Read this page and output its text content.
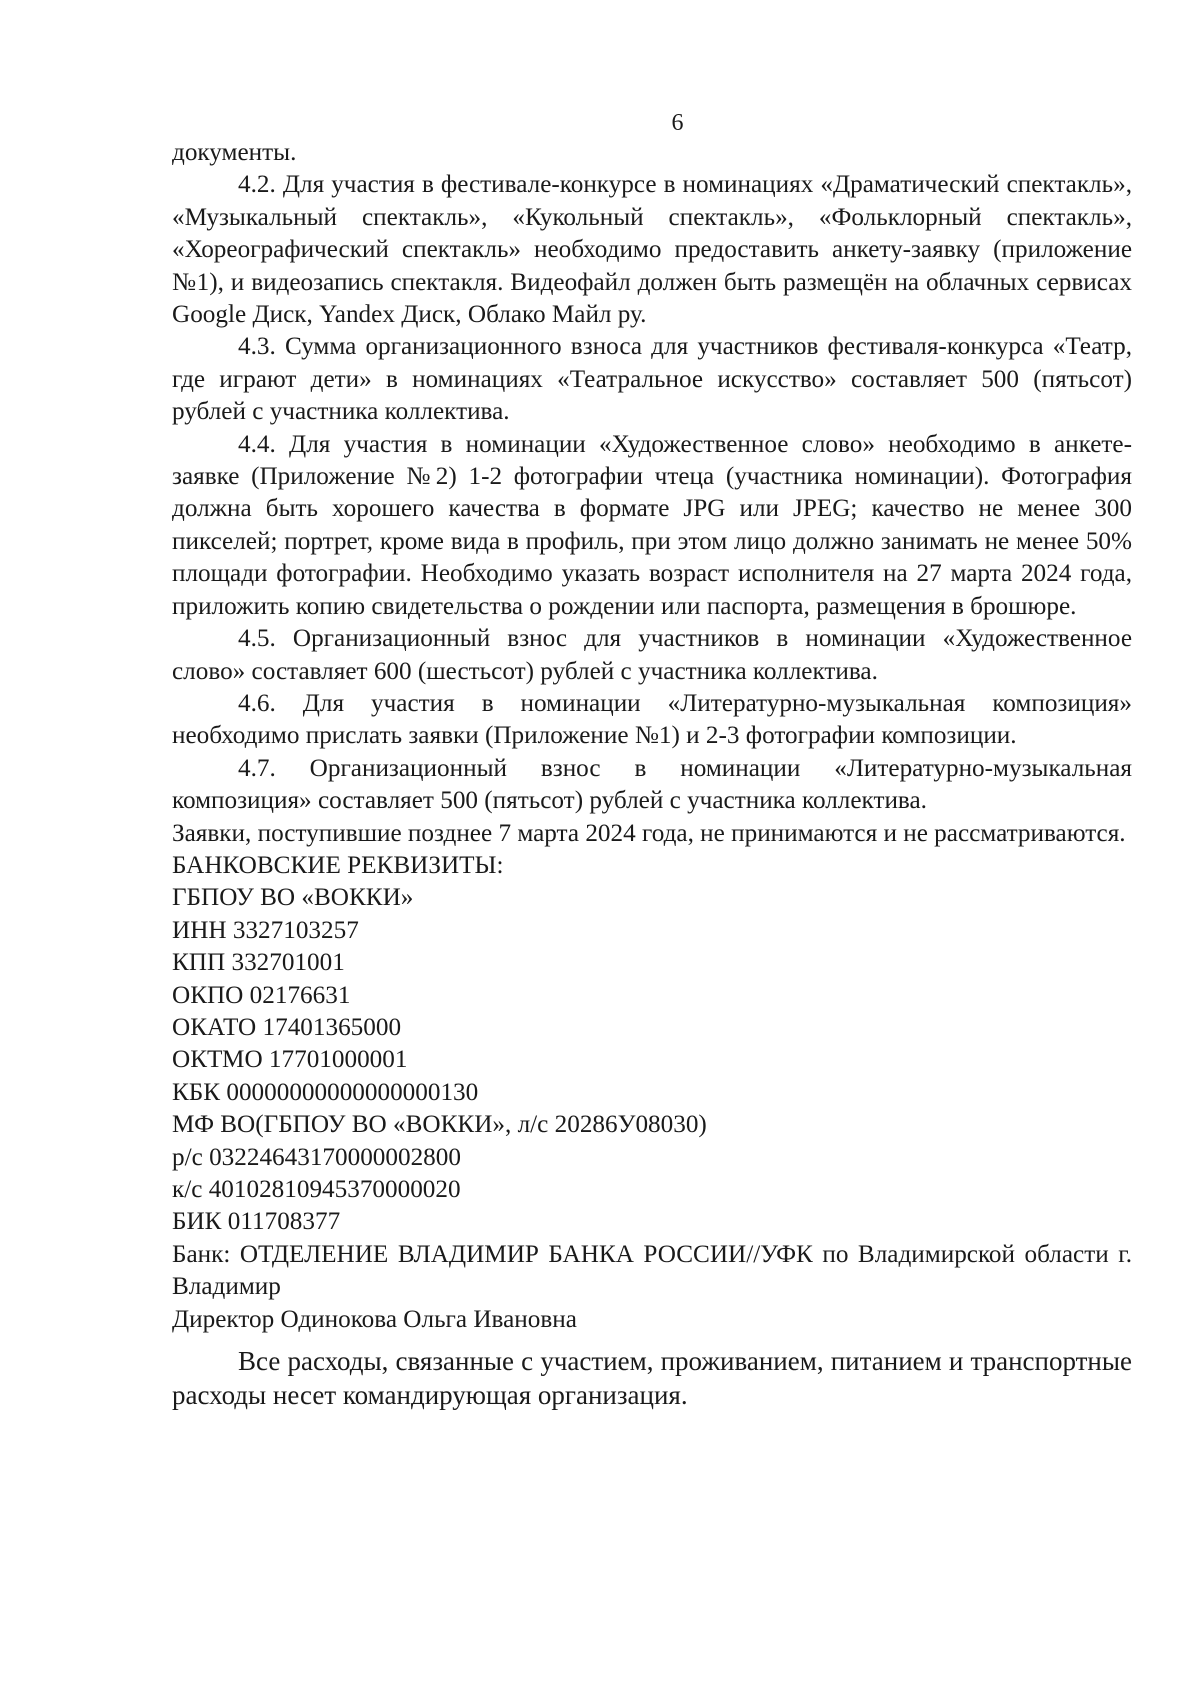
6

документы.

4.2. Для участия в фестивале-конкурсе в номинациях «Драматический спектакль», «Музыкальный спектакль», «Кукольный спектакль», «Фольклорный спектакль», «Хореографический спектакль» необходимо предоставить анкету-заявку (приложение №1), и видеозапись спектакля. Видеофайл должен быть размещён на облачных сервисах Google Диск, Yandex Диск, Облако Майл ру.

4.3. Сумма организационного взноса для участников фестиваля-конкурса «Театр, где играют дети» в номинациях «Театральное искусство» составляет 500 (пятьсот) рублей с участника коллектива.

4.4. Для участия в номинации «Художественное слово» необходимо в анкете-заявке (Приложение №2) 1-2 фотографии чтеца (участника номинации). Фотография должна быть хорошего качества в формате JPG или JPEG; качество не менее 300 пикселей; портрет, кроме вида в профиль, при этом лицо должно занимать не менее 50% площади фотографии. Необходимо указать возраст исполнителя на 27 марта 2024 года, приложить копию свидетельства о рождении или паспорта, размещения в брошюре.

4.5. Организационный взнос для участников в номинации «Художественное слово» составляет 600 (шестьсот) рублей с участника коллектива.

4.6. Для участия в номинации «Литературно-музыкальная композиция» необходимо прислать заявки (Приложение №1) и 2-3 фотографии композиции.

4.7. Организационный взнос в номинации «Литературно-музыкальная композиция» составляет 500 (пятьсот) рублей с участника коллектива.

Заявки, поступившие позднее 7 марта 2024 года, не принимаются и не рассматриваются.

БАНКОВСКИЕ РЕКВИЗИТЫ:

ГБПОУ ВО «ВОККИ»

ИНН 3327103257

КПП 332701001

ОКПО 02176631

ОКАТО 17401365000

ОКТМО 17701000001

КБК 00000000000000000130

МФ ВО(ГБПОУ ВО «ВОККИ», л/с 20286У08030)

р/с 03224643170000002800

к/с 40102810945370000020

БИК 011708377

Банк: ОТДЕЛЕНИЕ ВЛАДИМИР БАНКА РОССИИ//УФК по Владимирской области г. Владимир

Директор Одинокова Ольга Ивановна

Все расходы, связанные с участием, проживанием, питанием и транспортные расходы несет командирующая организация.
